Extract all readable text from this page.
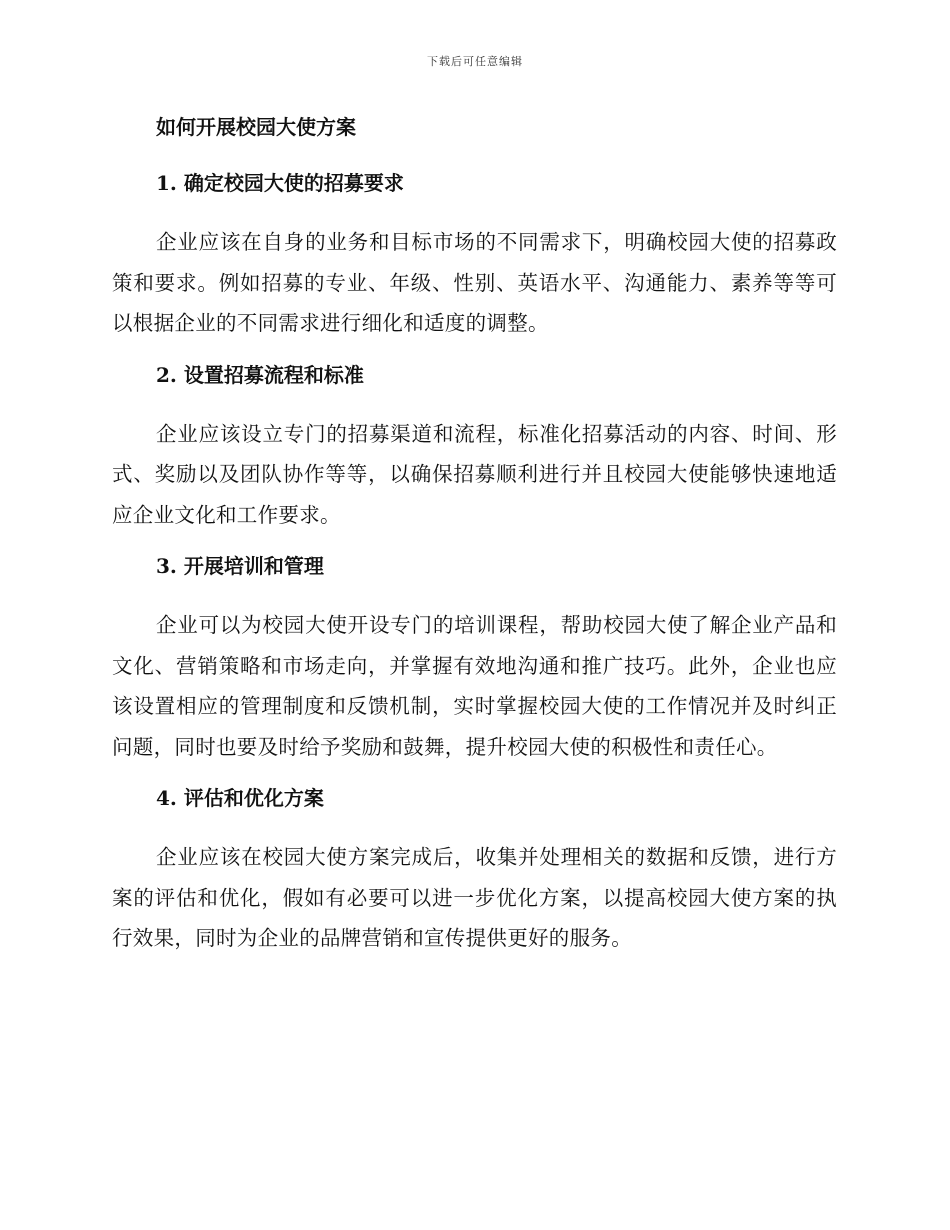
下载后可任意编辑
如何开展校园大使方案
1. 确定校园大使的招募要求

企业应该在自身的业务和目标市场的不同需求下，明确校园大使的招募政策和要求。例如招募的专业、年级、性别、英语水平、沟通能力、素养等等可以根据企业的不同需求进行细化和适度的调整。

2. 设置招募流程和标准

企业应该设立专门的招募渠道和流程，标准化招募活动的内容、时间、形式、奖励以及团队协作等等，以确保招募顺利进行并且校园大使能够快速地适应企业文化和工作要求。

3. 开展培训和管理

企业可以为校园大使开设专门的培训课程，帮助校园大使了解企业产品和文化、营销策略和市场走向，并掌握有效地沟通和推广技巧。此外，企业也应该设置相应的管理制度和反馈机制，实时掌握校园大使的工作情况并及时纠正问题，同时也要及时给予奖励和鼓舞，提升校园大使的积极性和责任心。

4. 评估和优化方案

企业应该在校园大使方案完成后，收集并处理相关的数据和反馈，进行方案的评估和优化，假如有必要可以进一步优化方案，以提高校园大使方案的执行效果，同时为企业的品牌营销和宣传提供更好的服务。
